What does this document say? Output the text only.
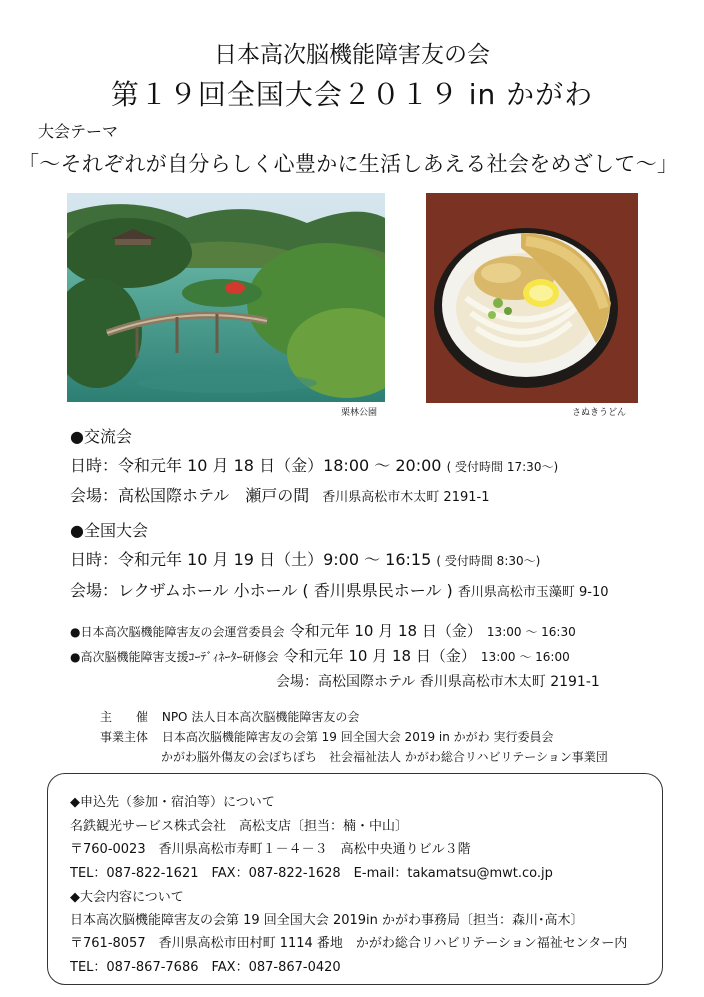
日本高次脳機能障害友の会
第１９回全国大会２０１９ in かがわ
大会テーマ
「～それぞれが自分らしく心豊かに生活しあえる社会をめざして～」
栗林公園	さぬきうどん
●交流会
日時：令和元年 10 月 18 日（金）18:00 ～ 20:00 ( 受付時間 17:30～)
会場：高松国際ホテル　瀬戸の間 香川県高松市木太町 2191-1
●全国大会
日時：令和元年 10 月 19 日（土）9:00 ～ 16:15 ( 受付時間 8:30～)
会場：レクザムホール 小ホール ( 香川県県民ホール ) 香川県高松市玉藻町 9-10
●日本高次脳機能障害友の会運営委員会 令和元年 10 月 18 日（金） 13:00 ～ 16:30
●高次脳機能障害支援ｺｰﾃﾞｨﾈｰﾀｰ研修会 令和元年 10 月 18 日（金） 13:00 ～ 16:00
会場：高松国際ホテル 香川県高松市木太町 2191-1
主　　催 NPO 法人日本高次脳機能障害友の会
事業主体 日本高次脳機能障害友の会第 19 回全国大会 2019 in かがわ 実行委員会
かがわ脳外傷友の会ぽちぽち　社会福祉法人 かがわ総合リハビリテーション事業団
◆申込先（参加・宿泊等）について
名鉄観光サービス株式会社　高松支店〔担当：楠・中山〕
〒760-0023　香川県高松市寿町１－４－３　高松中央通りビル３階
TEL：087-822-1621　FAX：087-822-1628　E-mail：takamatsu@mwt.co.jp
◆大会内容について
日本高次脳機能障害友の会第 19 回全国大会 2019in かがわ事務局〔担当：森川･高木〕
〒761-8057　香川県高松市田村町 1114 番地　かがわ総合リハビリテーション福祉センター内
TEL：087-867-7686　FAX：087-867-0420
